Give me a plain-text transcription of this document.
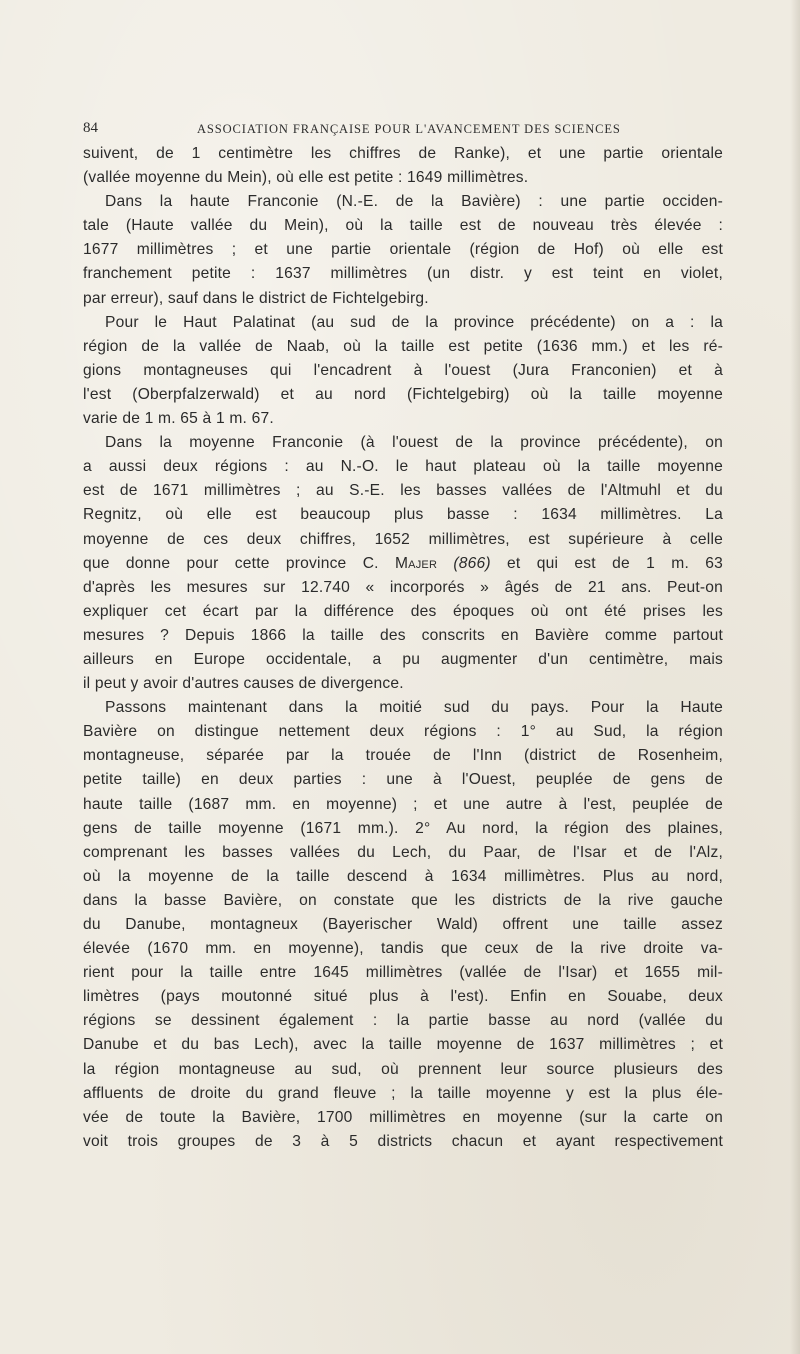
84	ASSOCIATION FRANÇAISE POUR L'AVANCEMENT DES SCIENCES
suivent, de 1 centimètre les chiffres de Ranke), et une partie orientale
(vallée moyenne du Mein), où elle est petite : 1649 millimètres.
Dans la haute Franconie (N.-E. de la Bavière) : une partie occiden-
tale (Haute vallée du Mein), où la taille est de nouveau très élevée :
1677 millimètres ; et une partie orientale (région de Hof) où elle est
franchement petite : 1637 millimètres (un distr. y est teint en violet,
par erreur), sauf dans le district de Fichtelgebirg.
Pour le Haut Palatinat (au sud de la province précédente) on a : la
région de la vallée de Naab, où la taille est petite (1636 mm.) et les ré-
gions montagneuses qui l'encadrent à l'ouest (Jura Franconien) et à
l'est (Oberpfalzerwald) et au nord (Fichtelgebirg) où la taille moyenne
varie de 1 m. 65 à 1 m. 67.
Dans la moyenne Franconie (à l'ouest de la province précédente), on
a aussi deux régions : au N.-O. le haut plateau où la taille moyenne
est de 1671 millimètres ; au S.-E. les basses vallées de l'Altmuhl et du
Regnitz, où elle est beaucoup plus basse : 1634 millimètres. La
moyenne de ces deux chiffres, 1652 millimètres, est supérieure à celle
que donne pour cette province C. Majer (866) et qui est de 1 m. 63
d'après les mesures sur 12.740 « incorporés » âgés de 21 ans. Peut-on
expliquer cet écart par la différence des époques où ont été prises les
mesures ? Depuis 1866 la taille des conscrits en Bavière comme partout
ailleurs en Europe occidentale, a pu augmenter d'un centimètre, mais
il peut y avoir d'autres causes de divergence.
Passons maintenant dans la moitié sud du pays. Pour la Haute
Bavière on distingue nettement deux régions : 1° au Sud, la région
montagneuse, séparée par la trouée de l'Inn (district de Rosenheim,
petite taille) en deux parties : une à l'Ouest, peuplée de gens de
haute taille (1687 mm. en moyenne) ; et une autre à l'est, peuplée de
gens de taille moyenne (1671 mm.). 2° Au nord, la région des plaines,
comprenant les basses vallées du Lech, du Paar, de l'Isar et de l'Alz,
où la moyenne de la taille descend à 1634 millimètres. Plus au nord,
dans la basse Bavière, on constate que les districts de la rive gauche
du Danube, montagneux (Bayerischer Wald) offrent une taille assez
élevée (1670 mm. en moyenne), tandis que ceux de la rive droite va-
rient pour la taille entre 1645 millimètres (vallée de l'Isar) et 1655 mil-
limètres (pays moutonné situé plus à l'est). Enfin en Souabe, deux
régions se dessinent également : la partie basse au nord (vallée du
Danube et du bas Lech), avec la taille moyenne de 1637 millimètres ; et
la région montagneuse au sud, où prennent leur source plusieurs des
affluents de droite du grand fleuve ; la taille moyenne y est la plus éle-
vée de toute la Bavière, 1700 millimètres en moyenne (sur la carte on
voit trois groupes de 3 à 5 districts chacun et ayant respectivement
